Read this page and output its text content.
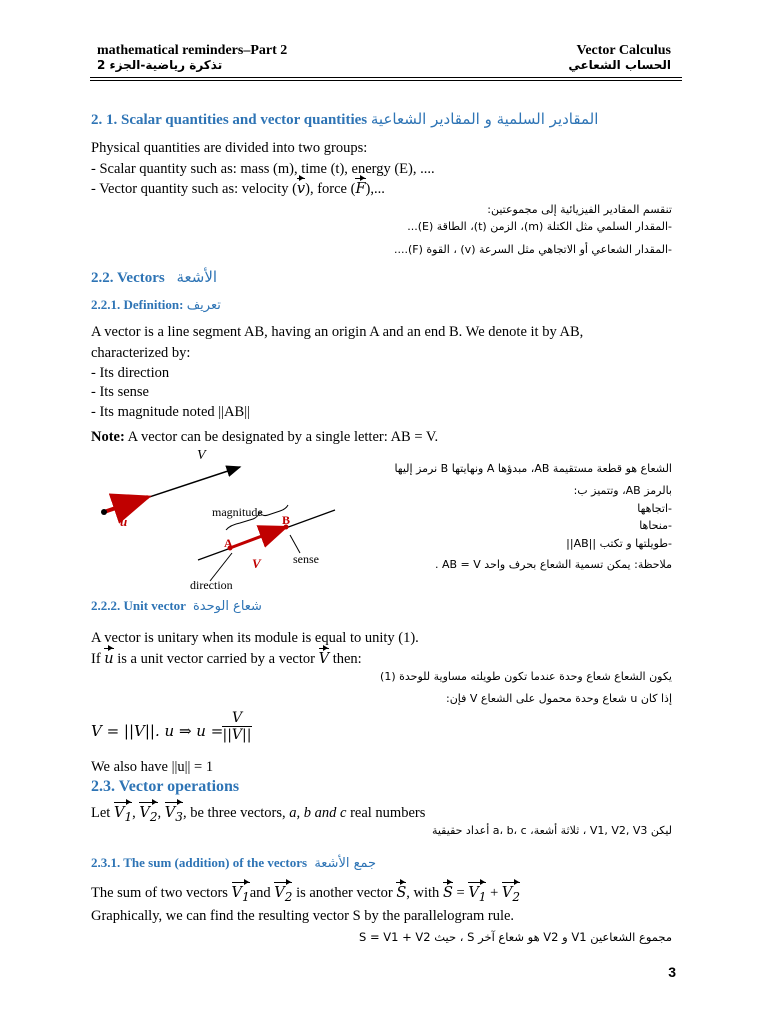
mathematical reminders–Part 2
تذكرة رياضية-الجزء 2
Vector Calculus
الحساب الشعاعي
2. 1. Scalar quantities and vector quantities المقادير السلمية و المقادير الشعاعية
Physical quantities are divided into two groups:
- Scalar quantity such as: mass (m), time (t), energy (E), ....
- Vector quantity such as: velocity (v), force (F),...
تنقسم المقادير الفيزيائية إلى مجموعتين:
-المقدار السلمي مثل الكتلة (m)، الزمن (t)، الطاقة (E)...
-المقدار الشعاعي أو الاتجاهي مثل السرعة (v) ، القوة (F)....
2.2. Vectors الأشعة
2.2.1. Definition: تعريف
A vector is a line segment AB, having an origin A and an end B. We denote it by AB,
characterized by:
- Its direction
- Its sense
- Its magnitude noted ||AB||
Note: A vector can be designated by a single letter: AB = V.
الشعاع هو قطعة مستقيمة AB، مبدؤها A ونهايتها B نرمز إليها
بالرمز AB، وتتميز ب:
-اتجاهها
-منحاها
-طويلتها و تكتب ||AB||
ملاحظة: يمكن تسمية الشعاع بحرف واحد AB = V .
V
u
magnitude
B
A
V	sense
direction
2.2.2. Unit vector شعاع الوحدة
A vector is unitary when its module is equal to unity (1).
If u is a unit vector carried by a vector V then:
يكون الشعاع شعاع وحدة عندما تكون طويلته مساوية للوحدة (1)
إذا كان u شعاع وحدة محمول على الشعاع V فإن:
V = ||V||. u ⇒ u =
V
||V||
We also have ||u|| = 1
2.3. Vector operations
Let $V_1$, $V_2$, $V_3$, be three vectors, a, b and c real numbers
ليكن V1, V2, V3 ، ثلاثة أشعة، a، b، c أعداد حقيقية
2.3.1. The sum (addition) of the vectors جمع الأشعة
The sum of two vectors $V_1and$ $V_2$ is another vector S, with $S = V_1 + V_2$
Graphically, we can find the resulting vector S by the parallelogram rule.
مجموع الشعاعين V1 و V2 هو شعاع آخر S ، حيث S = V1 + V2
3
